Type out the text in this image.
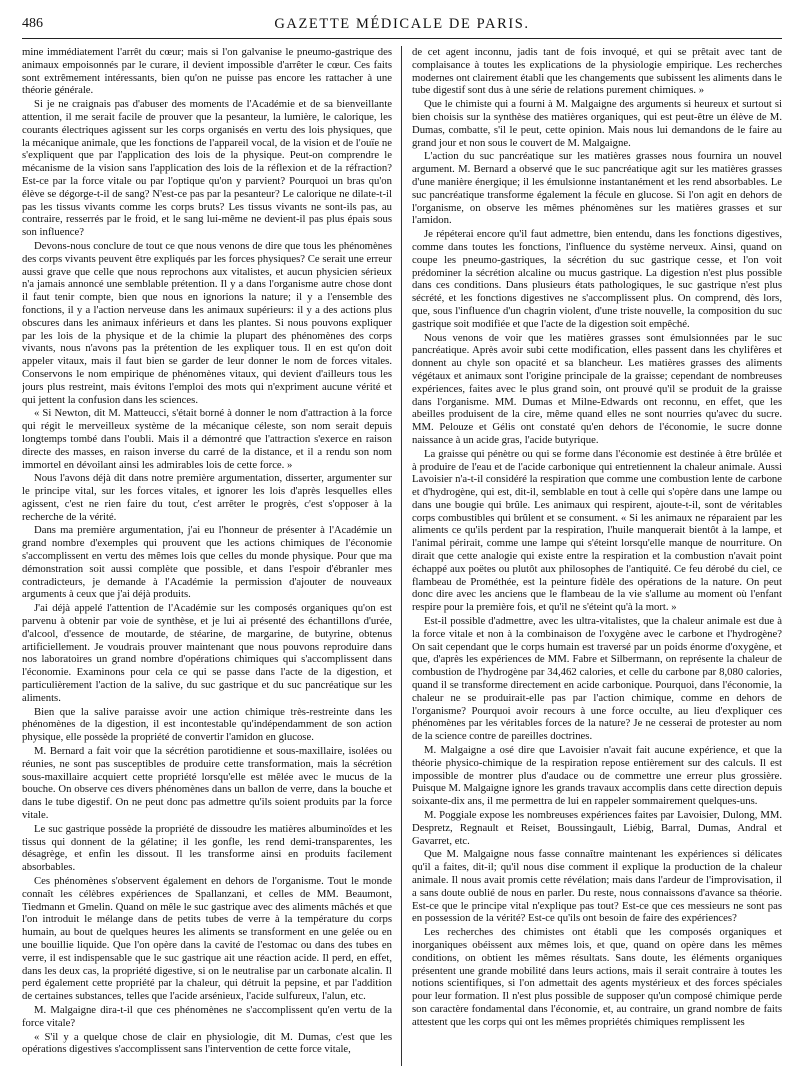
486	GAZETTE MÉDICALE DE PARIS.

mine immédiatement l'arrêt du cœur; mais si l'on galvanise le pneumo-gastrique des animaux empoisonnés par le curare, il devient impossible d'arrêter le cœur. Ces faits sont extrêmement intéressants, bien qu'on ne puisse pas encore les rattacher à une théorie générale.

Si je ne craignais pas d'abuser des moments de l'Académie et de sa bienveillante attention, il me serait facile de prouver que la pesanteur, la lumière, le calorique, les courants électriques agissent sur les corps organisés en vertu des lois physiques, que la mécanique animale, que les fonctions de l'appareil vocal, de la vision et de l'ouïe ne s'expliquent que par l'application des lois de la physique. Peut-on comprendre le mécanisme de la vision sans l'application des lois de la réflexion et de la réfraction? Est-ce par la force vitale ou par l'optique qu'on y parvient? Pourquoi un bras qu'on élève se dégorge-t-il de sang? N'est-ce pas par la pesanteur? Le calorique ne dilate-t-il pas les tissus vivants comme les corps bruts? Les tissus vivants ne sont-ils pas, au contraire, resserrés par le froid, et le sang lui-même ne devient-il pas plus épais sous son influence?

Devons-nous conclure de tout ce que nous venons de dire que tous les phénomènes des corps vivants peuvent être expliqués par les forces physiques? Ce serait une erreur aussi grave que celle que nous reprochons aux vitalistes, et aucun physicien sérieux n'a jamais annoncé une semblable prétention. Il y a dans l'organisme autre chose dont il faut tenir compte, bien que nous en ignorions la nature; il y a l'ensemble des fonctions, il y a l'action nerveuse dans les animaux supérieurs: il y a des actions plus obscures dans les animaux inférieurs et dans les plantes. Si nous pouvons expliquer par les lois de la physique et de la chimie la plupart des phénomènes des corps vivants, nous n'avons pas la prétention de les expliquer tous. Il en est qu'on doit appeler vitaux, mais il faut bien se garder de leur donner le nom de forces vitales. Conservons le nom empirique de phénomènes vitaux, qui devient d'ailleurs tous les jours plus restreint, mais évitons l'emploi des mots qui n'expriment aucune vérité et qui jettent la confusion dans les sciences.

« Si Newton, dit M. Matteucci, s'était borné à donner le nom d'attraction à la force qui régit le merveilleux système de la mécanique céleste, son nom serait depuis longtemps tombé dans l'oubli. Mais il a démontré que l'attraction s'exerce en raison directe des masses, en raison inverse du carré de la distance, et il a rendu son nom immortel en dévoilant ainsi les admirables lois de cette force. »

Nous l'avons déjà dit dans notre première argumentation, disserter, argumenter sur le principe vital, sur les forces vitales, et ignorer les lois d'après lesquelles elles agissent, c'est ne rien faire du tout, c'est arrêter le progrès, c'est s'opposer à la recherche de la vérité.

Dans ma première argumentation, j'ai eu l'honneur de présenter à l'Académie un grand nombre d'exemples qui prouvent que les actions chimiques de l'économie s'accomplissent en vertu des mêmes lois que celles du monde physique. Pour que ma démonstration soit aussi complète que possible, et dans l'espoir d'ébranler mes contradicteurs, je demande à l'Académie la permission d'ajouter de nouveaux arguments à ceux que j'ai déjà produits.

J'ai déjà appelé l'attention de l'Académie sur les composés organiques qu'on est parvenu à obtenir par voie de synthèse, et je lui ai présenté des échantillons d'urée, d'alcool, d'essence de moutarde, de stéarine, de margarine, de butyrine, obtenus artificiellement. Je voudrais prouver maintenant que nous pouvons reproduire dans nos laboratoires un grand nombre d'opérations chimiques qui s'accomplissent dans l'économie. Examinons pour cela ce qui se passe dans l'acte de la digestion, et particulièrement l'action de la salive, du suc gastrique et du suc pancréatique sur les aliments.

Bien que la salive paraisse avoir une action chimique très-restreinte dans les phénomènes de la digestion, il est incontestable qu'indépendamment de son action physique, elle possède la propriété de convertir l'amidon en glucose.

M. Bernard a fait voir que la sécrétion parotidienne et sous-maxillaire, isolées ou réunies, ne sont pas susceptibles de produire cette transformation, mais la sécrétion sous-maxillaire acquiert cette propriété lorsqu'elle est mêlée avec le mucus de la bouche. On observe ces divers phénomènes dans un ballon de verre, dans la bouche et dans le tube digestif. On ne peut donc pas admettre qu'ils soient produits par la force vitale.

Le suc gastrique possède la propriété de dissoudre les matières albuminoïdes et les tissus qui donnent de la gélatine; il les gonfle, les rend demi-transparentes, les désagrège, et enfin les dissout. Il les transforme ainsi en produits facilement absorbables.

Ces phénomènes s'observent également en dehors de l'organisme. Tout le monde connaît les célèbres expériences de Spallanzani, et celles de MM. Beaumont, Tiedmann et Gmelin. Quand on mêle le suc gastrique avec des aliments mâchés et que l'on introduit le mélange dans de petits tubes de verre à la température du corps humain, au bout de quelques heures les aliments se transforment en une gelée ou en une bouillie liquide. Que l'on opère dans la cavité de l'estomac ou dans des tubes en verre, il est indispensable que le suc gastrique ait une réaction acide. Il perd, en effet, dans les deux cas, la propriété digestive, si on le neutralise par un carbonate alcalin. Il perd également cette propriété par la chaleur, qui détruit la pepsine, et par l'addition de certaines substances, telles que l'acide arsénieux, l'acide sulfureux, l'alun, etc.

M. Malgaigne dira-t-il que ces phénomènes ne s'accomplissent qu'en vertu de la force vitale?

« S'il y a quelque chose de clair en physiologie, dit M. Dumas, c'est que les opérations digestives s'accomplissent sans l'intervention de cette force vitale,

de cet agent inconnu, jadis tant de fois invoqué, et qui se prêtait avec tant de complaisance à toutes les explications de la physiologie empirique. Les recherches modernes ont clairement établi que les changements que subissent les aliments dans le tube digestif sont dus à une série de relations purement chimiques. »

Que le chimiste qui a fourni à M. Malgaigne des arguments si heureux et surtout si bien choisis sur la synthèse des matières organiques, qui est peut-être un élève de M. Dumas, combatte, s'il le peut, cette opinion. Mais nous lui demandons de le faire au grand jour et non sous le couvert de M. Malgaigne.

L'action du suc pancréatique sur les matières grasses nous fournira un nouvel argument. M. Bernard a observé que le suc pancréatique agit sur les matières grasses d'une manière énergique; il les émulsionne instantanément et les rend absorbables. Le suc pancréatique transforme également la fécule en glucose. Si l'on agit en dehors de l'organisme, on observe les mêmes phénomènes sur les matières grasses et sur l'amidon.

Je répéterai encore qu'il faut admettre, bien entendu, dans les fonctions digestives, comme dans toutes les fonctions, l'influence du système nerveux. Ainsi, quand on coupe les pneumo-gastriques, la sécrétion du suc gastrique cesse, et l'on voit prédominer la sécrétion alcaline ou mucus gastrique. La digestion n'est plus possible dans ces conditions. Dans plusieurs états pathologiques, le suc gastrique n'est plus sécrété, et les fonctions digestives ne s'accomplissent plus. On comprend, dès lors, que, sous l'influence d'un chagrin violent, d'une triste nouvelle, la composition du suc gastrique soit modifiée et que l'acte de la digestion soit empêché.

Nous venons de voir que les matières grasses sont émulsionnées par le suc pancréatique. Après avoir subi cette modification, elles passent dans les chylifères et donnent au chyle son opacité et sa blancheur. Les matières grasses des aliments végétaux et animaux sont l'origine principale de la graisse; cependant de nombreuses expériences, faites avec le plus grand soin, ont prouvé qu'il se produit de la graisse dans l'organisme. MM. Dumas et Milne-Edwards ont reconnu, en effet, que les abeilles produisent de la cire, même quand elles ne sont nourries qu'avec du sucre. MM. Pelouze et Gélis ont constaté qu'en dehors de l'économie, le sucre donne naissance à un acide gras, l'acide butyrique.

La graisse qui pénètre ou qui se forme dans l'économie est destinée à être brûlée et à produire de l'eau et de l'acide carbonique qui entretiennent la chaleur animale. Aussi Lavoisier n'a-t-il considéré la respiration que comme une combustion lente de carbone et d'hydrogène, qui est, dit-il, semblable en tout à celle qui s'opère dans une lampe ou dans une bougie qui brûle. Les animaux qui respirent, ajoute-t-il, sont de véritables corps combustibles qui brûlent et se consument. « Si les animaux ne réparaient par les aliments ce qu'ils perdent par la respiration, l'huile manquerait bientôt à la lampe, et l'animal périrait, comme une lampe qui s'éteint lorsqu'elle manque de nourriture. On dirait que cette analogie qui existe entre la respiration et la combustion n'avait point échappé aux poëtes ou plutôt aux philosophes de l'antiquité. Ce feu dérobé du ciel, ce flambeau de Prométhée, est la peinture fidèle des opérations de la nature. On peut donc dire avec les anciens que le flambeau de la vie s'allume au moment où l'enfant respire pour la première fois, et qu'il ne s'éteint qu'à la mort. »

Est-il possible d'admettre, avec les ultra-vitalistes, que la chaleur animale est due à la force vitale et non à la combinaison de l'oxygène avec le carbone et l'hydrogène? On sait cependant que le corps humain est traversé par un poids énorme d'oxygène, et que, d'après les expériences de MM. Fabre et Silbermann, on représente la chaleur de combustion de l'hydrogène par 34,462 calories, et celle du carbone par 8,080 calories, quand il se transforme directement en acide carbonique. Pourquoi, dans l'économie, la chaleur ne se produirait-elle pas par l'action chimique, comme en dehors de l'organisme? Pourquoi avoir recours à une force occulte, au lieu d'expliquer ces phénomènes par les véritables forces de la nature? Je ne cesserai de protester au nom de la science contre de pareilles doctrines.

M. Malgaigne a osé dire que Lavoisier n'avait fait aucune expérience, et que la théorie physico-chimique de la respiration repose entièrement sur des calculs. Il est impossible de montrer plus d'audace ou de commettre une erreur plus grossière. Puisque M. Malgaigne ignore les grands travaux accomplis dans cette direction depuis soixante-dix ans, il me permettra de lui en rappeler sommairement quelques-uns.

M. Poggiale expose les nombreuses expériences faites par Lavoisier, Dulong, MM. Despretz, Regnault et Reiset, Boussingault, Liébig, Barral, Dumas, Andral et Gavarret, etc.

Que M. Malgaigne nous fasse connaître maintenant les expériences si délicates qu'il a faites, dit-il; qu'il nous dise comment il explique la production de la chaleur animale. Il nous avait promis cette révélation; mais dans l'ardeur de l'improvisation, il a sans doute oublié de nous en parler. Du reste, nous connaissons d'avance sa théorie. Est-ce que le principe vital n'explique pas tout? Est-ce que ces messieurs ne sont pas en possession de la vérité? Est-ce qu'ils ont besoin de faire des expériences?

Les recherches des chimistes ont établi que les composés organiques et inorganiques obéissent aux mêmes lois, et que, quand on opère dans les mêmes conditions, on obtient les mêmes résultats. Sans doute, les éléments organiques présentent une grande mobilité dans leurs actions, mais il serait contraire à toutes les notions scientifiques, si l'on admettait des agents mystérieux et des forces spéciales pour leur formation. Il n'est plus possible de supposer qu'un composé chimique perde son caractère fondamental dans l'économie, et, au contraire, un grand nombre de faits attestent que les corps qui ont les mêmes propriétés chimiques remplissent les
